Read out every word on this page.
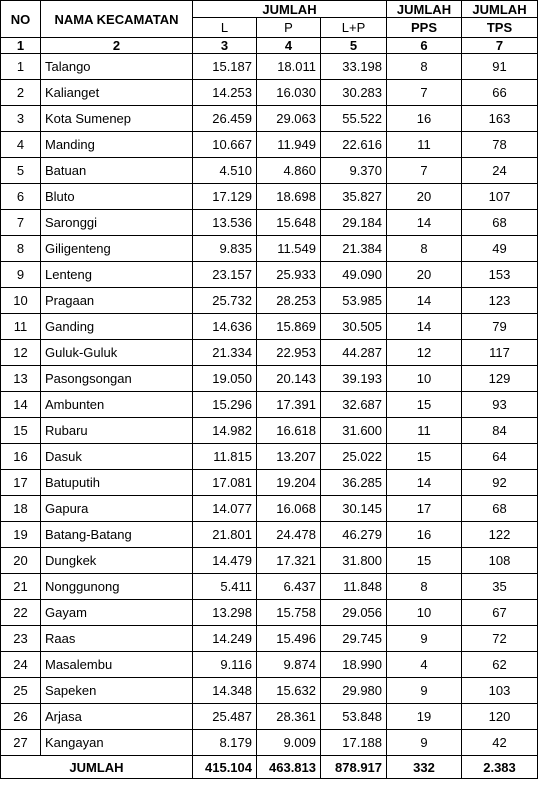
NO	NAMA KECAMATAN	JUMLAH			JUMLAH	JUMLAH
		L	P	L+P	PPS	TPS
1	2	3	4	5	6	7
1	Talango	15.187	18.011	33.198	8	91
2	Kalianget	14.253	16.030	30.283	7	66
3	Kota Sumenep	26.459	29.063	55.522	16	163
4	Manding	10.667	11.949	22.616	11	78
5	Batuan	4.510	4.860	9.370	7	24
6	Bluto	17.129	18.698	35.827	20	107
7	Saronggi	13.536	15.648	29.184	14	68
8	Giligenteng	9.835	11.549	21.384	8	49
9	Lenteng	23.157	25.933	49.090	20	153
10	Pragaan	25.732	28.253	53.985	14	123
11	Ganding	14.636	15.869	30.505	14	79
12	Guluk-Guluk	21.334	22.953	44.287	12	117
13	Pasongsongan	19.050	20.143	39.193	10	129
14	Ambunten	15.296	17.391	32.687	15	93
15	Rubaru	14.982	16.618	31.600	11	84
16	Dasuk	11.815	13.207	25.022	15	64
17	Batuputih	17.081	19.204	36.285	14	92
18	Gapura	14.077	16.068	30.145	17	68
19	Batang-Batang	21.801	24.478	46.279	16	122
20	Dungkek	14.479	17.321	31.800	15	108
21	Nonggunong	5.411	6.437	11.848	8	35
22	Gayam	13.298	15.758	29.056	10	67
23	Raas	14.249	15.496	29.745	9	72
24	Masalembu	9.116	9.874	18.990	4	62
25	Sapeken	14.348	15.632	29.980	9	103
26	Arjasa	25.487	28.361	53.848	19	120
27	Kangayan	8.179	9.009	17.188	9	42
JUMLAH		415.104	463.813	878.917	332	2.383
